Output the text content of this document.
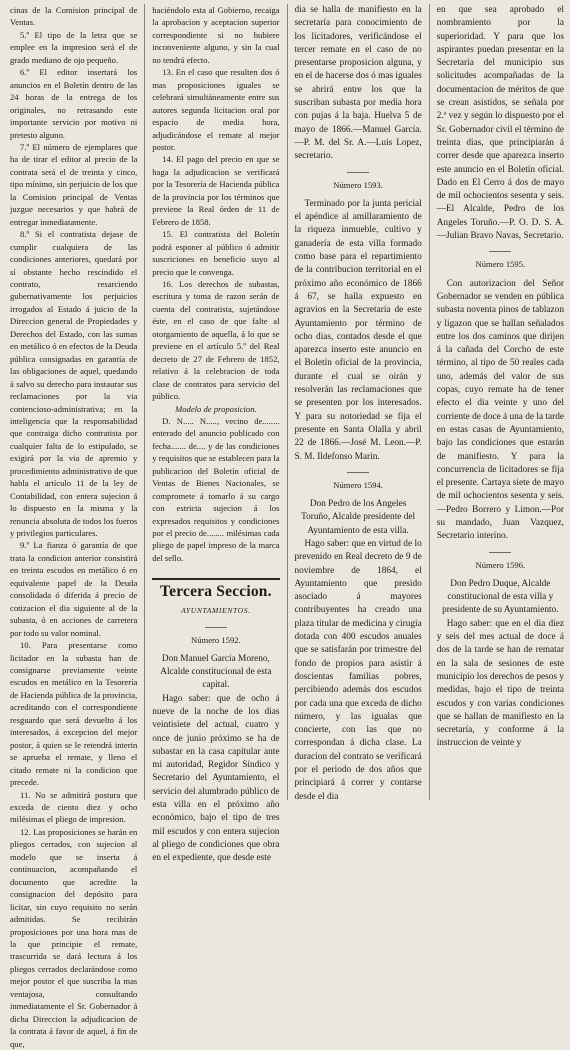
cinas de la Comision principal de Ventas.

5.º El tipo de la letra que se emplee en la impresion será el de grado mediano de ojo pequeño.

6.º El editor insertará los anuncios en el Boletín dentro de las 24 horas de la entrega de los originales, no retrasando este importante servicio por motivo ni pretesto alguno.

7.º El número de ejemplares que ha de tirar el editor al precio de la contrata será el de treinta y cinco, tipo mínimo, sin perjuicio de los que la Comision principal de Ventas juzgue necesarios y que habrá de entregar inmediatamente.

8.º Si el contratista dejase de cumplir cualquiera de las condiciones anteriores, quedará por sí obstante hecho rescindido el contrato, resarciendo gubernativamente los perjuicios irrogados al Estado á juicio de la Direccion general de Propiedades y Derechos del Estado, con las sumas en metálico ó en efectos de la Deuda pública consignadas en garantía de las obligaciones de aquel, quedando á salvo su derecho para instaurar sus reclamaciones por la via contencioso-administrativa; en la inteligencia que la responsabilidad que contraiga dicho contratista por cualquier falta de lo estipulado, se exigirá por la via de apremio y procedimiento administrativo de que habla el artículo 11 de la ley de Contabilidad, con entera sujecion á lo dispuesto en la misma y la renuncia absoluta de todos los fueros y privilegios particulares.

9.º La fianza ó garantía de que trata la condicion anterior consistirá en treinta escudos en metálico ó en equivalente papel de la Deuda consolidada ó diferida á precio de cotizacion el dia siguiente al de la subasta, ó en acciones de carretera por todo su valor nominal.

10. Para presentarse como licitador en la subasta han de consignarse previamente veinte escudos en metálico en la Tesorería de Hacienda pública de la provincia, acreditando con el correspondiente resguardo que será devuelto á los interesados, á excepcion del mejor postor, á quien se le retendrá interin se aprueba el remate, y lleno el citado remate ni la condicion que precede.

11. No se admitirá postura que exceda de ciento diez y ocho milésimas el pliego de impresion.

12. Las proposiciones se harán en pliegos cerrados, con sujecion al modelo que se inserta á continuacion, acompañando el documento que acredite la consignacion del depósito para licitar, sin cuyo requisito no serán admitidas. Se recibirán proposiciones por una hora mas de la que principie el remate, trascurrida se dará lectura á los pliegos cerrados declarándose como mejor postor el que suscriba la mas ventajosa, consultando inmediatamente el Sr. Gobernador á dicha Direccion la adjudicacion de la contrata á favor de aquel, á fin de que,

haciéndolo esta al Gobierno, recaiga la aprobacion y aceptacion superior correspondiente si no hubiere inconveniente alguno, y sin la cual no tendrá efecto.

13. En el caso que resulten dos ó mas proposiciones iguales se celebrará simultáneamente entre sus autores segunda licitacion oral por espacio de media hora, adjudicándose el remate al mejor postor.

14. El pago del precio en que se haga la adjudicacion se verificará por la Tesorería de Hacienda pública de la provincia por los términos que previene la Real órden de 11 de Febrero de 1858.

15. El contratista del Boletín podrá esponer al público ó admitir suscriciones en beneficio suyo al precio que le convenga.

16. Los derechos de subastas, escritura y toma de razon serán de cuenta del contratista, sujetándose éste, en el caso de que falte al otorgamiento de aquella, á lo que se previene en el artículo 5.º del Real decreto de 27 de Febrero de 1852, relativo á la celebracion de toda clase de contratos para servicio del público.

Modelo de proposicion.

D. N..... N....., vecino de........ enterado del anuncio publicado con fecha....... de.... y de las condiciones y requisitos que se establecen para la publicacion del Boletín oficial de Ventas de Bienes Nacionales, se compromete á tomarlo á su cargo con estricta sujecion á los expresados requisitos y condiciones por el precio de........ milésimas cada pliego de papel impreso de la marca del sello.

Tercera Seccion.
AYUNTAMIENTOS.
Número 1592.

Don Manuel García Moreno, Alcalde constitucional de esta capital.

Hago saber: que de ocho á nueve de la noche de los dias veintisiete del actual, cuatro y once de junio próximo se ha de subastar en la casa capitular ante mi autoridad, Regidor Síndico y Secretario del Ayuntamiento, el servicio del alumbrado público de esta villa en el próximo año económico, bajo el tipo de tres mil escudos y con entera sujecion al pliego de condiciones que obra en el expediente, que desde este

dia se halla de manifiesto en la secretaría para conocimiento de los licitadores, verificándose el tercer remate en el caso de no presentarse proposicion alguna, y en el de hacerse dos ó mas iguales se abrirá entre los que la suscriban subasta por media hora con pujas á la baja. Huelva 5 de mayo de 1866.—Manuel García.—P. M. del Sr. A.—Luis Lopez, secretario.

Número 1593.

Terminado por la junta pericial el apéndice al amillaramiento de la riqueza inmueble, cultivo y ganadería de esta villa formado como base para el repartimiento de la contribucion territorial en el próximo año económico de 1866 á 67, se halla expuesto en agravios en la Secretaría de este Ayuntamiento por término de ocho dias, contados desde el que aparezca inserto este anuncio en el Boletín oficial de la provincia, durante el cual se oirán y resolverán las reclamaciones que se presenten por los interesados. Y para su notoriedad se fija el presente en Santa Olalla y abril 22 de 1866.—José M. Leon.—P. S. M. Ildefonso Marin.

Número 1594.

Don Pedro de los Angeles Toruño, Alcalde presidente del Ayuntamiento de esta villa.

Hago saber: que en virtud de lo prevenido en Real decreto de 9 de noviembre de 1864, el Ayuntamiento que presido asociado á mayores contribuyentes ha creado una plaza titular de medicina y cirugía dotada con 400 escudos anuales que se satisfarán por trimestre del fondo de propios para asistir á doscientas familias pobres, percibiendo además dos escudos por cada una que exceda de dicho número, y las igualas que concierte, con las que no correspondan á dicha clase. La duracion del contrato se verificará por el periodo de dos años que principiará á correr y contarse desde el dia

en que sea aprobado el nombramiento por la superioridad. Y para que los aspirantes puedan presentar en la Secretaría del municipio sus solicitudes acompañadas de la documentacion de méritos de que se crean asistidos, se señala por 2.ª vez y según lo dispuesto por el Sr. Gobernador civil el término de treinta dias, que principiarán á correr desde que aparezca inserto este anuncio en el Boletín oficial. Dado en El Cerro á dos de mayo de mil ochocientos sesenta y seis. —El Alcalde, Pedro de los Angeles Toruño.—P. O. D. S. A.—Julian Bravo Navas, Secretario.

Número 1595.

Con autorizacion del Señor Gobernador se venden en pública subasta noventa pinos de tablazon y ligazon que se hallan señalados entre los dos caminos que dirijen á la cañada del Corcho de este término, al tipo de 50 reales cada uno, además del valor de sus copas, cuyo remate ha de tener efecto el dia veinte y uno del corriente de doce á una de la tarde en estas casas de Ayuntamiento, bajo las condiciones que estarán de manifiesto. Y para la concurrencia de licitadores se fija el presente. Cartaya siete de mayo de mil ochocientos sesenta y seis.—Pedro Borrero y Limon.—Por su mandado, Juan Vazquez, Secretario interino.

Número 1596.

Don Pedro Duque, Alcalde constitucional de esta villa y presidente de su Ayuntamiento.

Hago saber: que en el dia diez y seis del mes actual de doce á dos de la tarde se han de rematar en la sala de sesiones de este municipio los derechos de pesos y medidas, bajo el tipo de treinta escudos y con varias condiciones que se hallan de manifiesto en la secretaría, y conforme á la instruccion de veinte y
